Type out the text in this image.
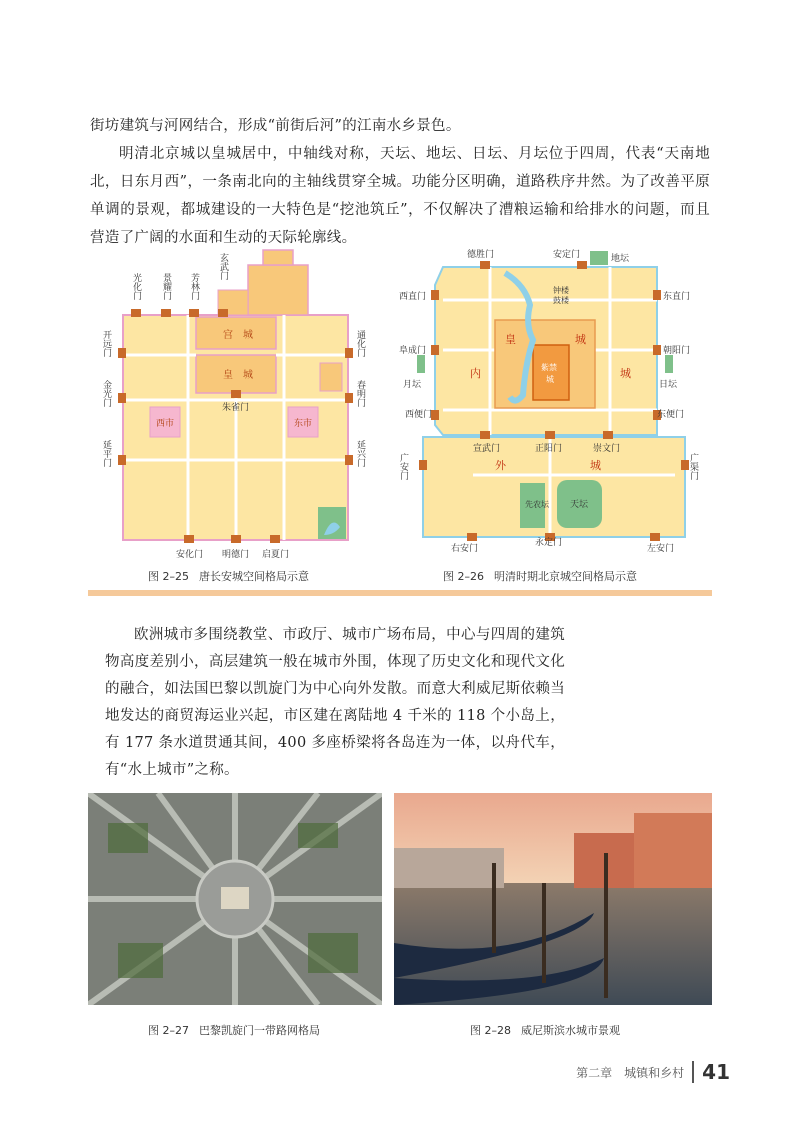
街坊建筑与河网结合，形成“前街后河”的江南水乡景色。

明清北京城以皇城居中，中轴线对称，天坛、地坛、日坛、月坛位于四周，代表“天南地北，日东月西”，一条南北向的主轴线贯穿全城。功能分区明确，道路秩序井然。为了改善平原单调的景观，都城建设的一大特色是“挖池筑丘”，不仅解决了漕粮运输和给排水的问题，而且营造了广阔的水面和生动的天际轮廓线。

光化门 景耀门 芳林门
玄武门
开远门
金光门
延平门
通化门
春明门
延兴门
宫 城
皇 城
朱雀门
西市	东市
安化门 明德门 启夏门
图 2–25 唐长安城空间格局示意
德胜门	安定门	地坛
西直门	东直门
阜成门	朝阳门
钟楼
鼓楼
皇	城
紫禁
城
内	城
月坛	日坛
西便门	东便门
宣武门	正阳门	崇文门
广安门	广渠门
外	城
先农坛 天坛
右安门
永定门
左安门
图 2–26 明清时期北京城空间格局示意

欧洲城市多围绕教堂、市政厅、城市广场布局，中心与四周的建筑物高度差别小，高层建筑一般在城市外围，体现了历史文化和现代文化的融合，如法国巴黎以凯旋门为中心向外发散。而意大利威尼斯依赖当地发达的商贸海运业兴起，市区建在离陆地 4 千米的 118 个小岛上，有 177 条水道贯通其间，400 多座桥梁将各岛连为一体，以舟代车，有“水上城市”之称。

图 2–27 巴黎凯旋门一带路网格局	图 2–28 威尼斯滨水城市景观
第二章　城镇和乡村 41
